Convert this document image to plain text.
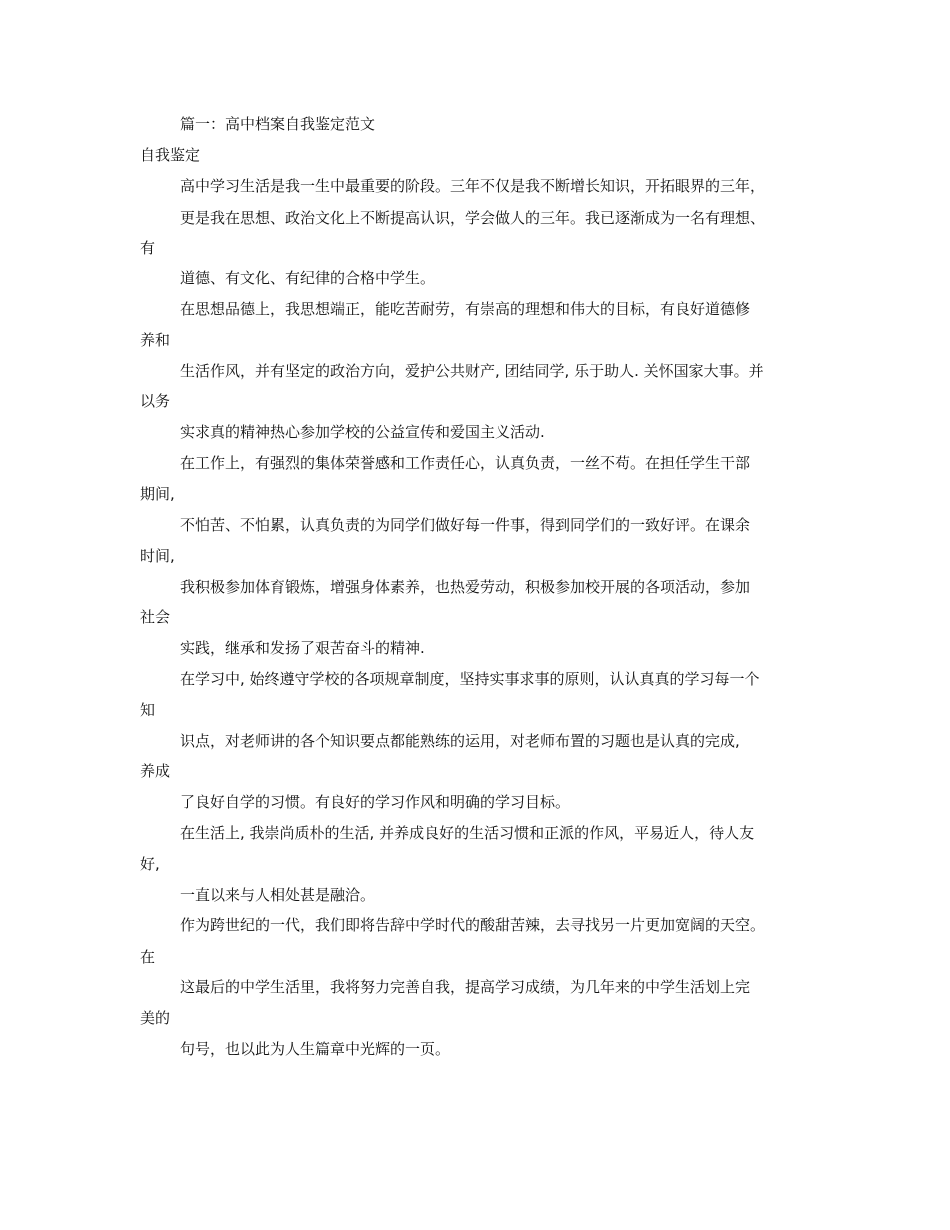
篇一：高中档案自我鉴定范文
自我鉴定
高中学习生活是我一生中最重要的阶段。三年不仅是我不断增长知识，开拓眼界的三年，
更是我在思想、政治文化上不断提高认识，学会做人的三年。我已逐渐成为一名有理想、
有
道德、有文化、有纪律的合格中学生。
在思想品德上，我思想端正，能吃苦耐劳，有崇高的理想和伟大的目标，有良好道德修
养和
生活作风，并有坚定的政治方向，爱护公共财产, 团结同学, 乐于助人. 关怀国家大事。并
以务
实求真的精神热心参加学校的公益宣传和爱国主义活动.
在工作上，有强烈的集体荣誉感和工作责任心，认真负责，一丝不苟。在担任学生干部
期间,
不怕苦、不怕累，认真负责的为同学们做好每一件事，得到同学们的一致好评。在课余
时间,
我积极参加体育锻炼，增强身体素养，也热爱劳动，积极参加校开展的各项活动，参加
社会
实践，继承和发扬了艰苦奋斗的精神.
在学习中, 始终遵守学校的各项规章制度，坚持实事求事的原则，认认真真的学习每一个
知
识点，对老师讲的各个知识要点都能熟练的运用，对老师布置的习题也是认真的完成,
养成
了良好自学的习惯。有良好的学习作风和明确的学习目标。
在生活上, 我崇尚质朴的生活, 并养成良好的生活习惯和正派的作风，平易近人，待人友
好,
一直以来与人相处甚是融洽。
作为跨世纪的一代，我们即将告辞中学时代的酸甜苦辣，去寻找另一片更加宽阔的天空。
在
这最后的中学生活里，我将努力完善自我，提高学习成绩，为几年来的中学生活划上完
美的
句号，也以此为人生篇章中光辉的一页。
